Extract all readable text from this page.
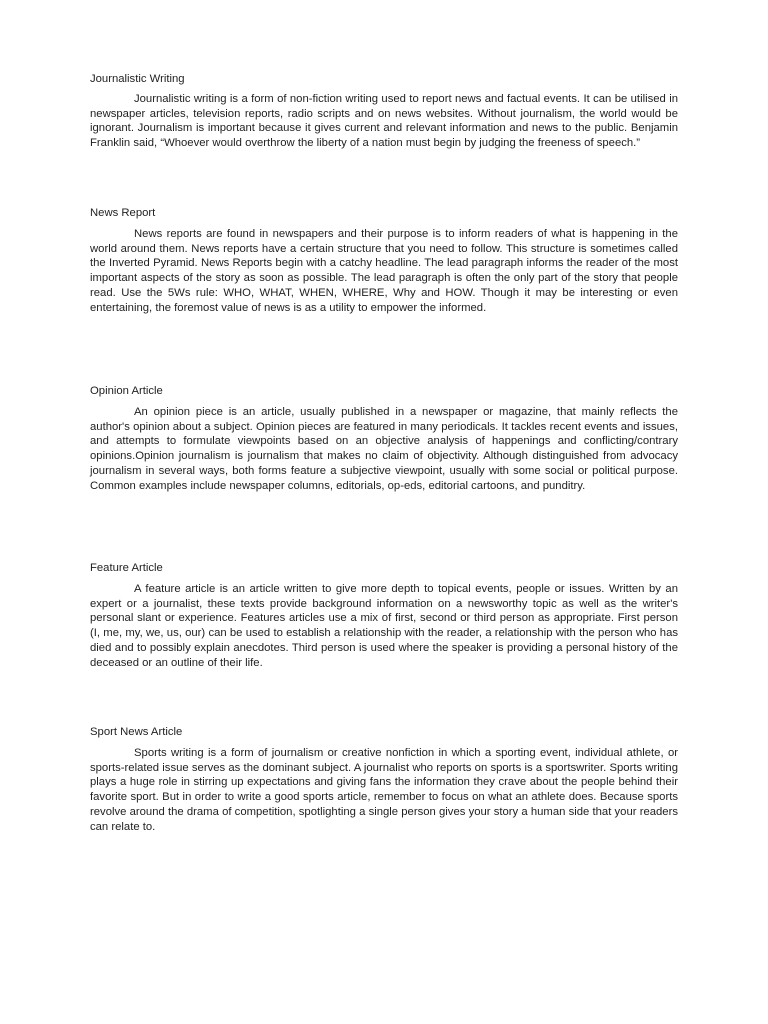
Journalistic Writing

Journalistic writing is a form of non-fiction writing used to report news and factual events. It can be utilised in newspaper articles, television reports, radio scripts and on news websites. Without journalism, the world would be ignorant. Journalism is important because it gives current and relevant information and news to the public. Benjamin Franklin said, “Whoever would overthrow the liberty of a nation must begin by judging the freeness of speech.”

News Report

News reports are found in newspapers and their purpose is to inform readers of what is happening in the world around them. News reports have a certain structure that you need to follow. This structure is sometimes called the Inverted Pyramid. News Reports begin with a catchy headline. The lead paragraph informs the reader of the most important aspects of the story as soon as possible. The lead paragraph is often the only part of the story that people read. Use the 5Ws rule: WHO, WHAT, WHEN, WHERE, Why and HOW. Though it may be interesting or even entertaining, the foremost value of news is as a utility to empower the informed.

Opinion Article

An opinion piece is an article, usually published in a newspaper or magazine, that mainly reflects the author's opinion about a subject. Opinion pieces are featured in many periodicals. It tackles recent events and issues, and attempts to formulate viewpoints based on an objective analysis of happenings and conflicting/contrary opinions.Opinion journalism is journalism that makes no claim of objectivity. Although distinguished from advocacy journalism in several ways, both forms feature a subjective viewpoint, usually with some social or political purpose. Common examples include newspaper columns, editorials, op-eds, editorial cartoons, and punditry.

Feature Article

A feature article is an article written to give more depth to topical events, people or issues. Written by an expert or a journalist, these texts provide background information on a newsworthy topic as well as the writer's personal slant or experience. Features articles use a mix of first, second or third person as appropriate. First person (I, me, my, we, us, our) can be used to establish a relationship with the reader, a relationship with the person who has died and to possibly explain anecdotes. Third person is used where the speaker is providing a personal history of the deceased or an outline of their life.

Sport News Article

Sports writing is a form of journalism or creative nonfiction in which a sporting event, individual athlete, or sports-related issue serves as the dominant subject. A journalist who reports on sports is a sportswriter. Sports writing plays a huge role in stirring up expectations and giving fans the information they crave about the people behind their favorite sport. But in order to write a good sports article, remember to focus on what an athlete does. Because sports revolve around the drama of competition, spotlighting a single person gives your story a human side that your readers can relate to.
